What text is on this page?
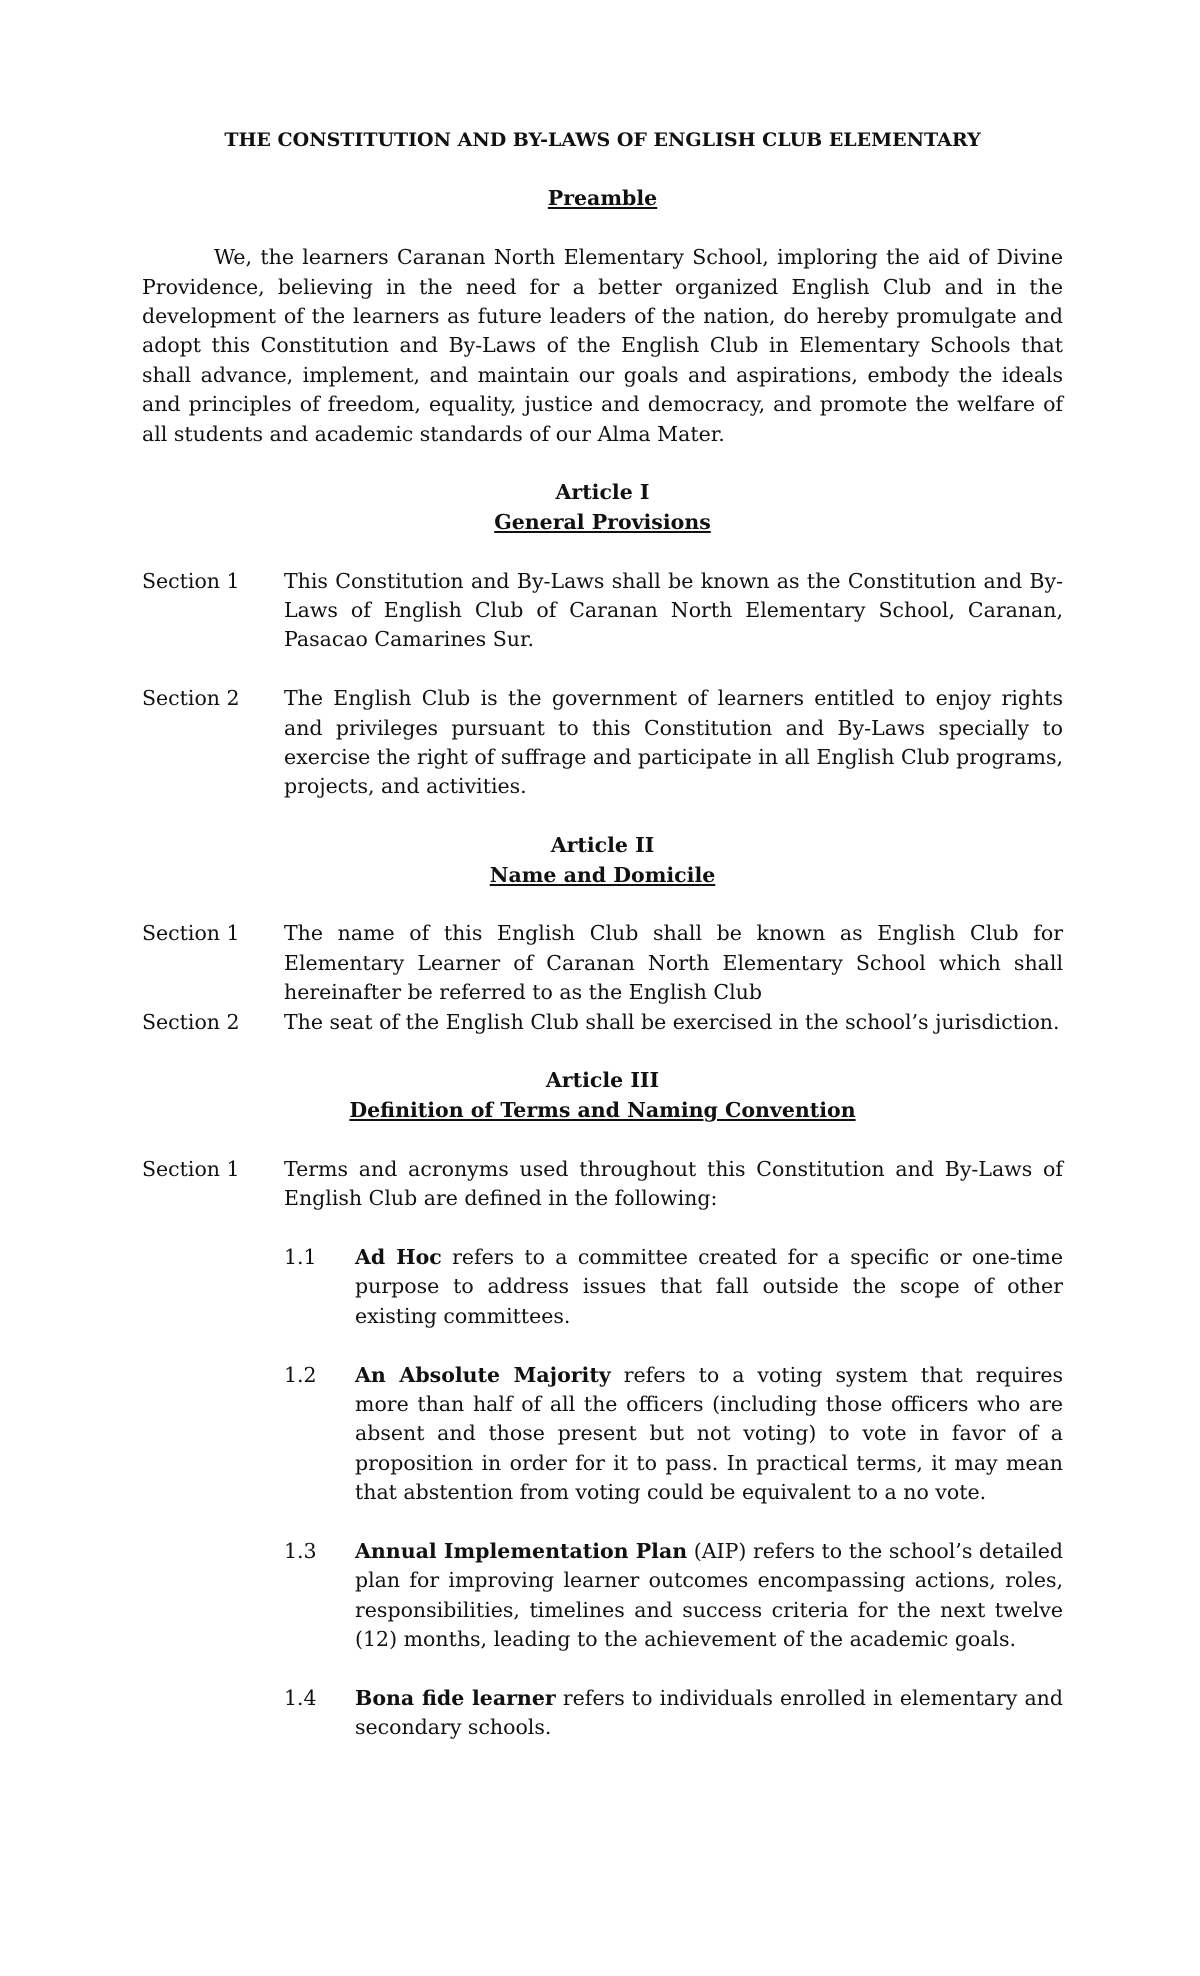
THE CONSTITUTION AND BY-LAWS OF ENGLISH CLUB ELEMENTARY
Preamble

We, the learners Caranan North Elementary School, imploring the aid of Divine Providence, believing in the need for a better organized English Club and in the development of the learners as future leaders of the nation, do hereby promulgate and adopt this Constitution and By-Laws of the English Club in Elementary Schools that shall advance, implement, and maintain our goals and aspirations, embody the ideals and principles of freedom, equality, justice and democracy, and promote the welfare of all students and academic standards of our Alma Mater.

Article I
General Provisions
Section 1	This Constitution and By-Laws shall be known as the Constitution and By-Laws of English Club of Caranan North Elementary School, Caranan, Pasacao Camarines Sur.
Section 2	The English Club is the government of learners entitled to enjoy rights and privileges pursuant to this Constitution and By-Laws specially to exercise the right of suffrage and participate in all English Club programs, projects, and activities.
Article II
Name and Domicile
Section 1	The name of this English Club shall be known as English Club for Elementary Learner of Caranan North Elementary School which shall hereinafter be referred to as the English Club
Section 2	The seat of the English Club shall be exercised in the school’s jurisdiction.
Article III
Definition of Terms and Naming Convention
Section 1	Terms and acronyms used throughout this Constitution and By-Laws of English Club are defined in the following:
1.1	Ad Hoc refers to a committee created for a specific or one-time purpose to address issues that fall outside the scope of other existing committees.
1.2	An Absolute Majority refers to a voting system that requires more than half of all the officers (including those officers who are absent and those present but not voting) to vote in favor of a proposition in order for it to pass. In practical terms, it may mean that abstention from voting could be equivalent to a no vote.
1.3	Annual Implementation Plan (AIP) refers to the school’s detailed plan for improving learner outcomes encompassing actions, roles, responsibilities, timelines and success criteria for the next twelve (12) months, leading to the achievement of the academic goals.
1.4	Bona fide learner refers to individuals enrolled in elementary and secondary schools.
